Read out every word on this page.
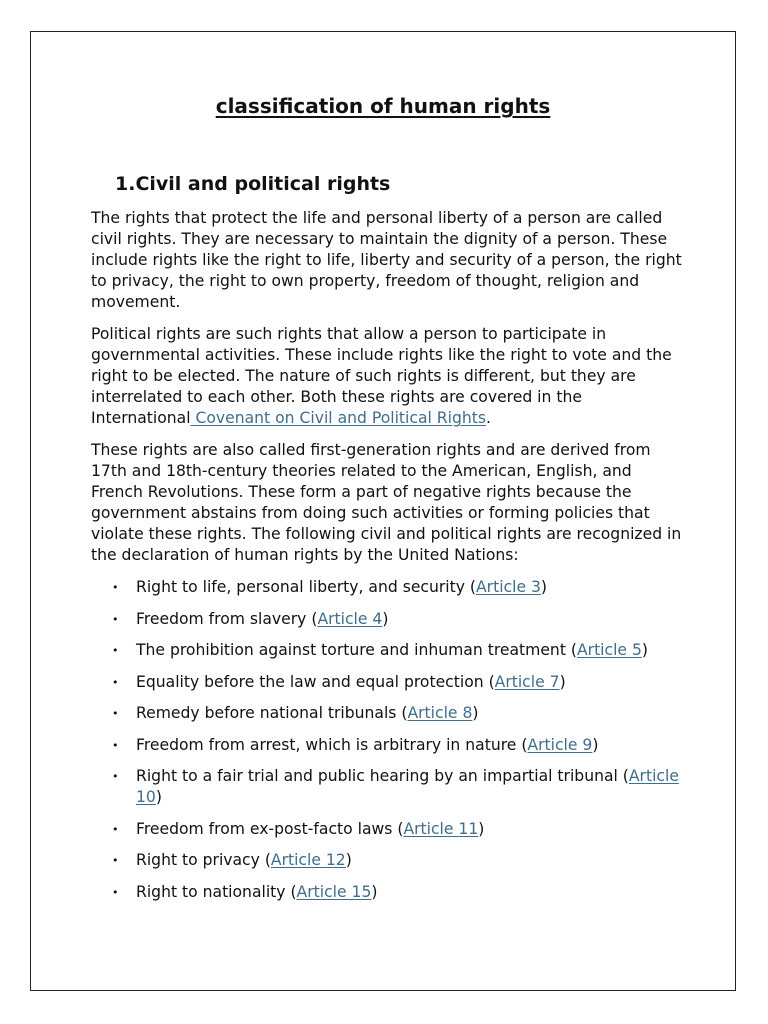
classification of human rights
1.Civil and political rights

The rights that protect the life and personal liberty of a person are called civil rights. They are necessary to maintain the dignity of a person. These include rights like the right to life, liberty and security of a person, the right to privacy, the right to own property, freedom of thought, religion and movement.

Political rights are such rights that allow a person to participate in governmental activities. These include rights like the right to vote and the right to be elected. The nature of such rights is different, but they are interrelated to each other. Both these rights are covered in the International Covenant on Civil and Political Rights.

These rights are also called first-generation rights and are derived from 17th and 18th-century theories related to the American, English, and French Revolutions. These form a part of negative rights because the government abstains from doing such activities or forming policies that violate these rights. The following civil and political rights are recognized in the declaration of human rights by the United Nations:

• Right to life, personal liberty, and security (Article 3)
• Freedom from slavery (Article 4)
• The prohibition against torture and inhuman treatment (Article 5)
• Equality before the law and equal protection (Article 7)
• Remedy before national tribunals (Article 8)
• Freedom from arrest, which is arbitrary in nature (Article 9)
• Right to a fair trial and public hearing by an impartial tribunal (Article 10)
• Freedom from ex-post-facto laws (Article 11)
• Right to privacy (Article 12)
• Right to nationality (Article 15)
